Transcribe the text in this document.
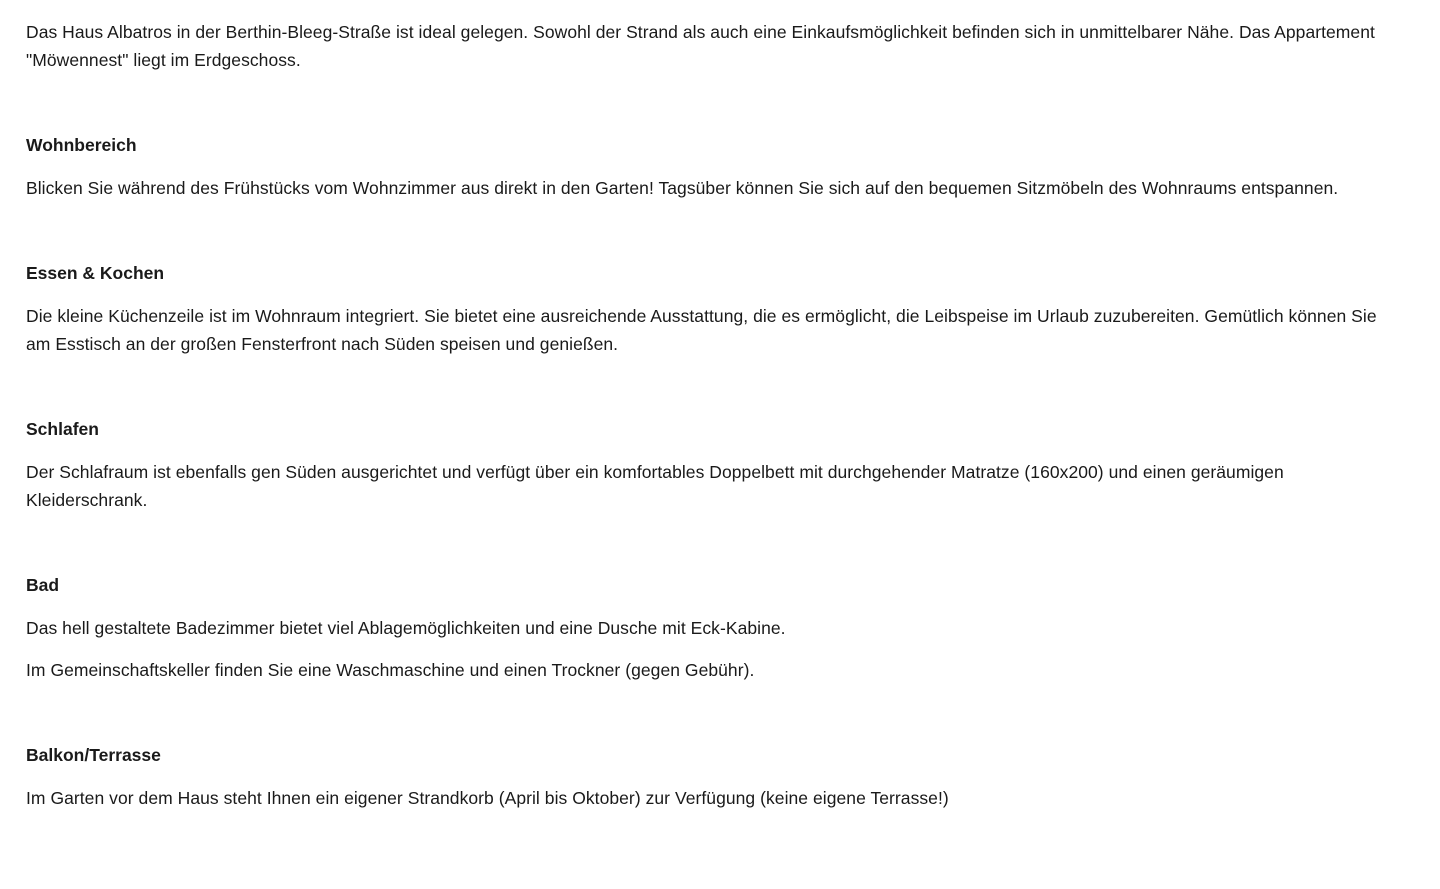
Das Haus Albatros in der Berthin-Bleeg-Straße ist ideal gelegen. Sowohl der Strand als auch eine Einkaufsmöglichkeit befinden sich in unmittelbarer Nähe. Das Appartement "Möwennest" liegt im Erdgeschoss.

Wohnbereich

Blicken Sie während des Frühstücks vom Wohnzimmer aus direkt in den Garten! Tagsüber können Sie sich auf den bequemen Sitzmöbeln des Wohnraums entspannen.

Essen & Kochen

Die kleine Küchenzeile ist im Wohnraum integriert. Sie bietet eine ausreichende Ausstattung, die es ermöglicht, die Leibspeise im Urlaub zuzubereiten. Gemütlich können Sie am Esstisch an der großen Fensterfront nach Süden speisen und genießen.

Schlafen

Der Schlafraum ist ebenfalls gen Süden ausgerichtet und verfügt über ein komfortables Doppelbett mit durchgehender Matratze (160x200) und einen geräumigen Kleiderschrank.

Bad

Das hell gestaltete Badezimmer bietet viel Ablagemöglichkeiten und eine Dusche mit Eck-Kabine.

Im Gemeinschaftskeller finden Sie eine Waschmaschine und einen Trockner (gegen Gebühr).

Balkon/Terrasse

Im Garten vor dem Haus steht Ihnen ein eigener Strandkorb (April bis Oktober) zur Verfügung (keine eigene Terrasse!)
